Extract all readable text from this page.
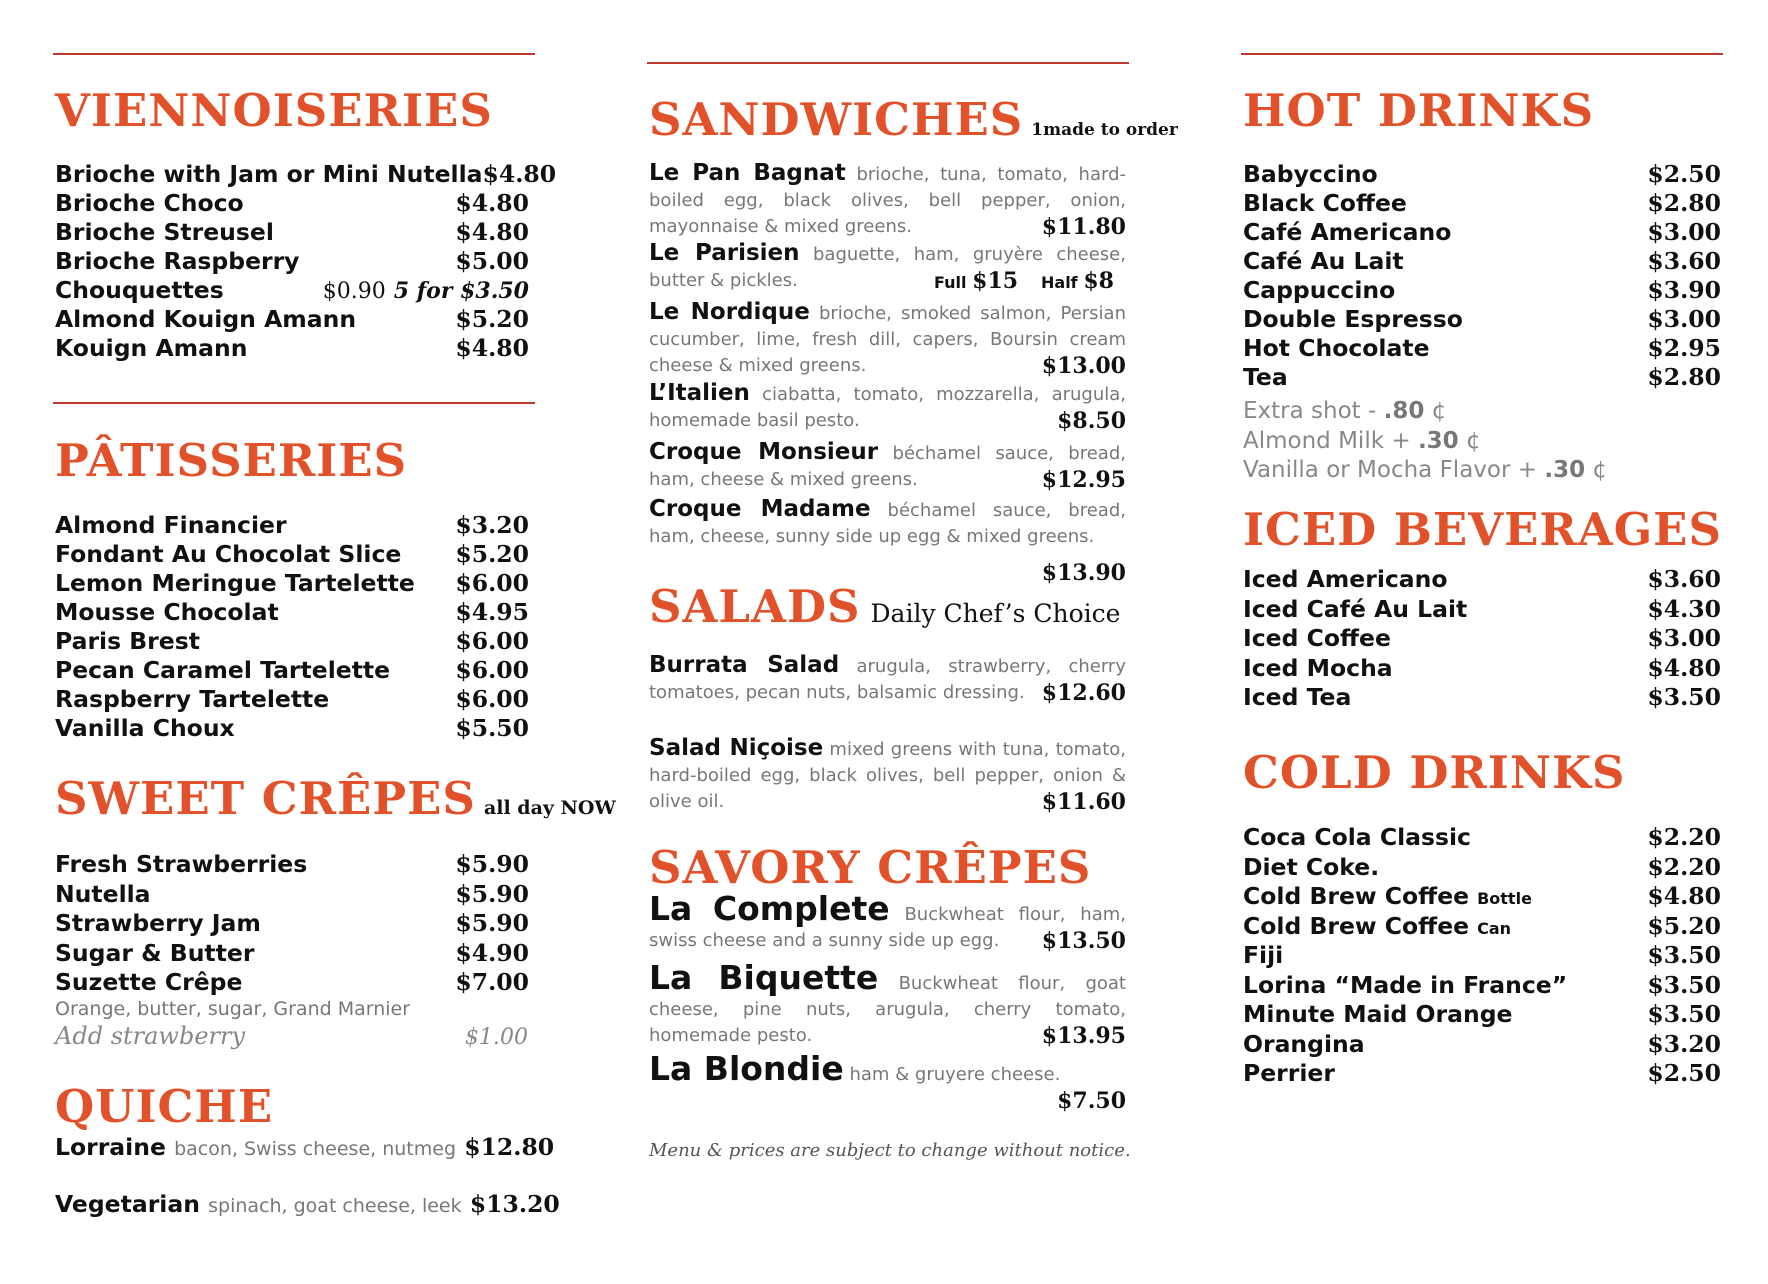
VIENNOISERIES
Brioche with Jam or Mini Nutella $4.80
Brioche Choco	$4.80
Brioche Streusel	$4.80
Brioche Raspberry	$5.00
Chouquettes	$0.90 5 for $3.50
Almond Kouign Amann	$5.20
Kouign Amann	$4.80
PÂTISSERIES
Almond Financier	$3.20
Fondant Au Chocolat Slice $5.20
Lemon Meringue Tartelette $6.00
Mousse Chocolat	$4.95
Paris Brest	$6.00
Pecan Caramel Tartelette	$6.00
Raspberry Tartelette	$6.00
Vanilla Choux	$5.50
SWEET CRÊPES all day NOW
Fresh Strawberries	$5.90
Nutella	$5.90
Strawberry Jam	$5.90
Sugar & Butter	$4.90
Suzette Crêpe	$7.00
Orange, butter, sugar, Grand Marnier
Add strawberry	$1.00
QUICHE
Lorraine bacon, Swiss cheese, nutmeg $12.80
Vegetarian spinach, goat cheese, leek $13.20
SANDWICHES 1made to order
Le Pan Bagnat brioche, tuna, tomato, hard-boiled egg, black olives, bell pepper, onion, mayonnaise & mixed greens.	$11.80
Le Parisien baguette, ham, gruyère cheese, butter & pickles.	Full $15 Half $8
Le Nordique brioche, smoked salmon, Persian cucumber, lime, fresh dill, capers, Boursin cream cheese & mixed greens.	$13.00
L’Italien ciabatta, tomato, mozzarella, arugula, homemade basil pesto.	$8.50
Croque Monsieur béchamel sauce, bread, ham, cheese & mixed greens.	$12.95
Croque Madame béchamel sauce, bread, ham, cheese, sunny side up egg & mixed greens.
$13.90
SALADS Daily Chef’s Choice
Burrata Salad arugula, strawberry, cherry tomatoes, pecan nuts, balsamic dressing. $12.60
Salad Niçoise mixed greens with tuna, tomato, hard-boiled egg, black olives, bell pepper, onion & olive oil.	$11.60
SAVORY CRÊPES
La Complete Buckwheat flour, ham, swiss cheese and a sunny side up egg. $13.50
La Biquette Buckwheat flour, goat cheese, pine nuts, arugula, cherry tomato, homemade pesto.	$13.95
La Blondie ham & gruyere cheese.
$7.50
Menu & prices are subject to change without notice.
HOT DRINKS
Babyccino	$2.50
Black Coffee	$2.80
Café Americano	$3.00
Café Au Lait	$3.60
Cappuccino	$3.90
Double Espresso	$3.00
Hot Chocolate	$2.95
Tea	$2.80
Extra shot - .80 ¢
Almond Milk + .30 ¢
Vanilla or Mocha Flavor + .30 ¢
ICED BEVERAGES
Iced Americano	$3.60
Iced Café Au Lait	$4.30
Iced Coffee	$3.00
Iced Mocha	$4.80
Iced Tea	$3.50
COLD DRINKS
Coca Cola Classic	$2.20
Diet Coke.	$2.20
Cold Brew Coffee Bottle	$4.80
Cold Brew Coffee Can	$5.20
Fiji	$3.50
Lorina “Made in France”	$3.50
Minute Maid Orange	$3.50
Orangina	$3.20
Perrier	$2.50
